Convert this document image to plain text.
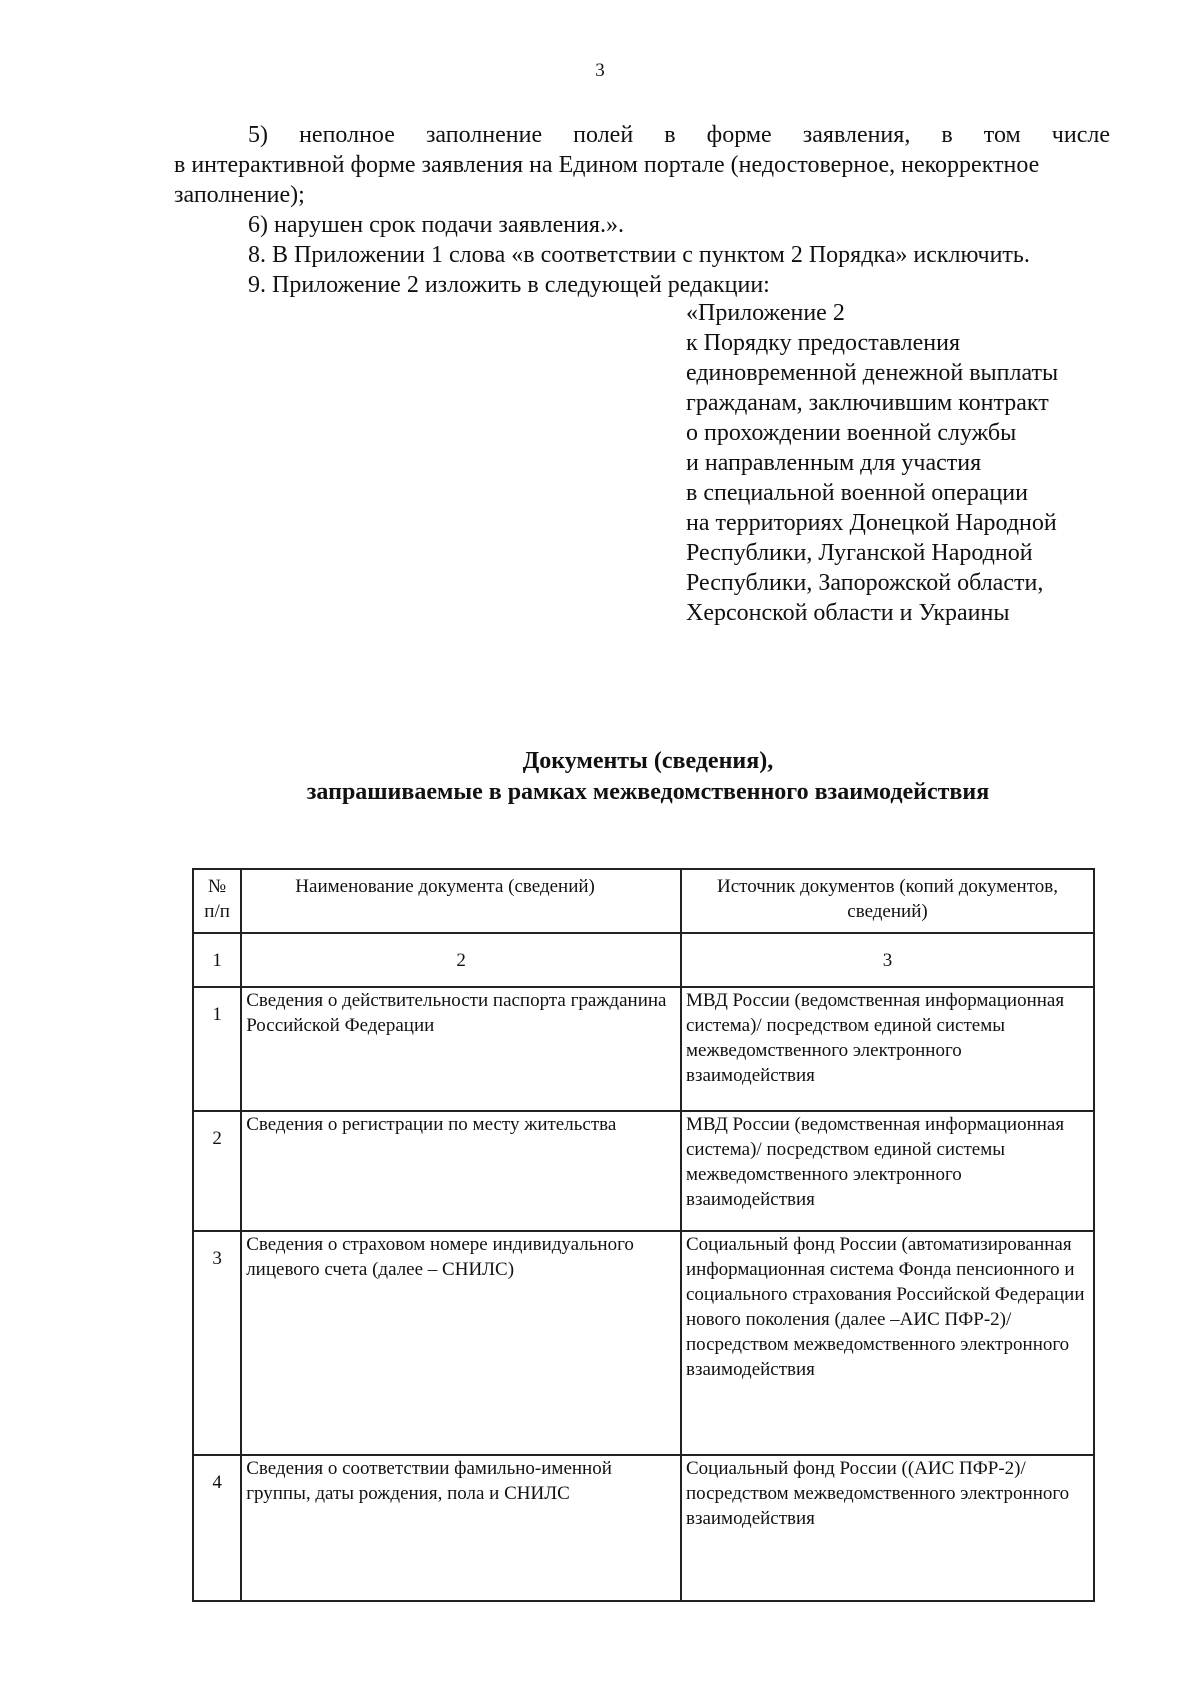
3
5) неполное заполнение полей в форме заявления, в том числе
в интерактивной форме заявления на Едином портале (недостоверное, некорректное
заполнение);
6) нарушен срок подачи заявления.».
8. В Приложении 1 слова «в соответствии с пунктом 2 Порядка» исключить.
9. Приложение 2 изложить в следующей редакции:
«Приложение 2
к Порядку предоставления
единовременной денежной выплаты
гражданам, заключившим контракт
о прохождении военной службы
и направленным для участия
в специальной военной операции
на территориях Донецкой Народной
Республики, Луганской Народной
Республики, Запорожской области,
Херсонской области и Украины
Документы (сведения),
запрашиваемые в рамках межведомственного взаимодействия
№ п/п	Наименование документа (сведений)	Источник документов (копий документов, сведений)
1	2	3
1	Сведения о действительности паспорта гражданина Российской Федерации	МВД России (ведомственная информационная система)/ посредством единой системы межведомственного электронного взаимодействия
2	Сведения о регистрации по месту жительства	МВД России (ведомственная информационная система)/ посредством единой системы межведомственного электронного взаимодействия
3	Сведения о страховом номере индивидуального лицевого счета (далее – СНИЛС)	Социальный фонд России (автоматизированная информационная система Фонда пенсионного и социального страхования Российской Федерации нового поколения (далее –АИС ПФР-2)/ посредством межведомственного электронного взаимодействия
4	Сведения о соответствии фамильно-именной группы, даты рождения, пола и СНИЛС	Социальный фонд России ((АИС ПФР-2)/ посредством межведомственного электронного взаимодействия
